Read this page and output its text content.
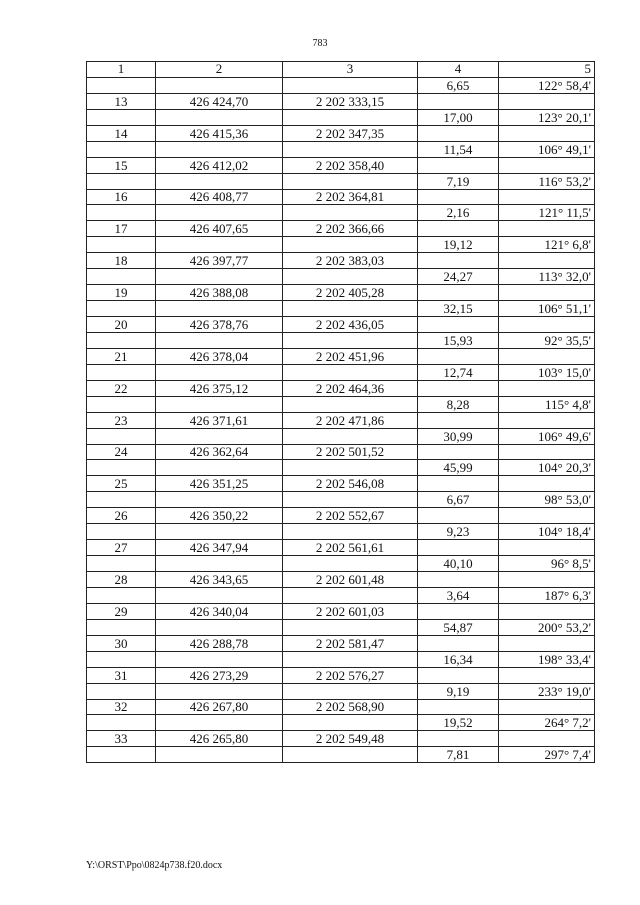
783
1	2	3	4	5
			6,65	122° 58,4'
13	426 424,70	2 202 333,15		
			17,00	123° 20,1'
14	426 415,36	2 202 347,35		
			11,54	106° 49,1'
15	426 412,02	2 202 358,40		
			7,19	116° 53,2'
16	426 408,77	2 202 364,81		
			2,16	121° 11,5'
17	426 407,65	2 202 366,66		
			19,12	121° 6,8'
18	426 397,77	2 202 383,03		
			24,27	113° 32,0'
19	426 388,08	2 202 405,28		
			32,15	106° 51,1'
20	426 378,76	2 202 436,05		
			15,93	92° 35,5'
21	426 378,04	2 202 451,96		
			12,74	103° 15,0'
22	426 375,12	2 202 464,36		
			8,28	115° 4,8'
23	426 371,61	2 202 471,86		
			30,99	106° 49,6'
24	426 362,64	2 202 501,52		
			45,99	104° 20,3'
25	426 351,25	2 202 546,08		
			6,67	98° 53,0'
26	426 350,22	2 202 552,67		
			9,23	104° 18,4'
27	426 347,94	2 202 561,61		
			40,10	96° 8,5'
28	426 343,65	2 202 601,48		
			3,64	187° 6,3'
29	426 340,04	2 202 601,03		
			54,87	200° 53,2'
30	426 288,78	2 202 581,47		
			16,34	198° 33,4'
31	426 273,29	2 202 576,27		
			9,19	233° 19,0'
32	426 267,80	2 202 568,90		
			19,52	264° 7,2'
33	426 265,80	2 202 549,48		
			7,81	297° 7,4'
Y:\ORST\Ppo\0824p738.f20.docx
